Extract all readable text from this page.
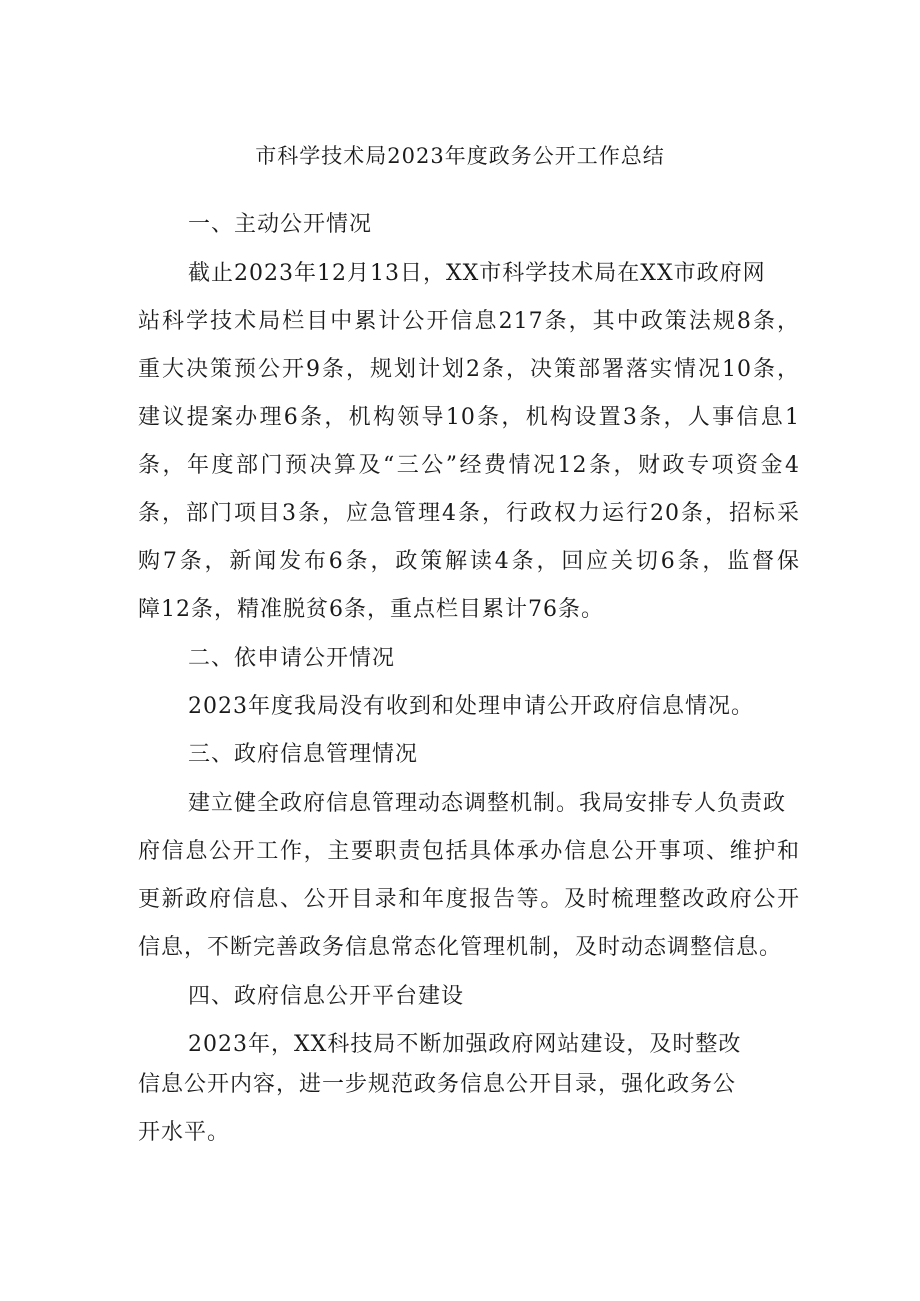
市科学技术局2023年度政务公开工作总结
一、主动公开情况
截止2023年12月13日，XX市科学技术局在XX市政府网
站科学技术局栏目中累计公开信息217条，其中政策法规8条，
重大决策预公开9条，规划计划2条，决策部署落实情况10条，
建议提案办理6条，机构领导10条，机构设置3条，人事信息1
条，年度部门预决算及“三公”经费情况12条，财政专项资金4
条，部门项目3条，应急管理4条，行政权力运行20条，招标采
购7条，新闻发布6条，政策解读4条，回应关切6条，监督保
障12条，精准脱贫6条，重点栏目累计76条。
二、依申请公开情况
2023年度我局没有收到和处理申请公开政府信息情况。
三、政府信息管理情况
建立健全政府信息管理动态调整机制。我局安排专人负责政
府信息公开工作，主要职责包括具体承办信息公开事项、维护和
更新政府信息、公开目录和年度报告等。及时梳理整改政府公开
信息，不断完善政务信息常态化管理机制，及时动态调整信息。
四、政府信息公开平台建设
2023年，XX科技局不断加强政府网站建设，及时整改
信息公开内容，进一步规范政务信息公开目录，强化政务公
开水平。
